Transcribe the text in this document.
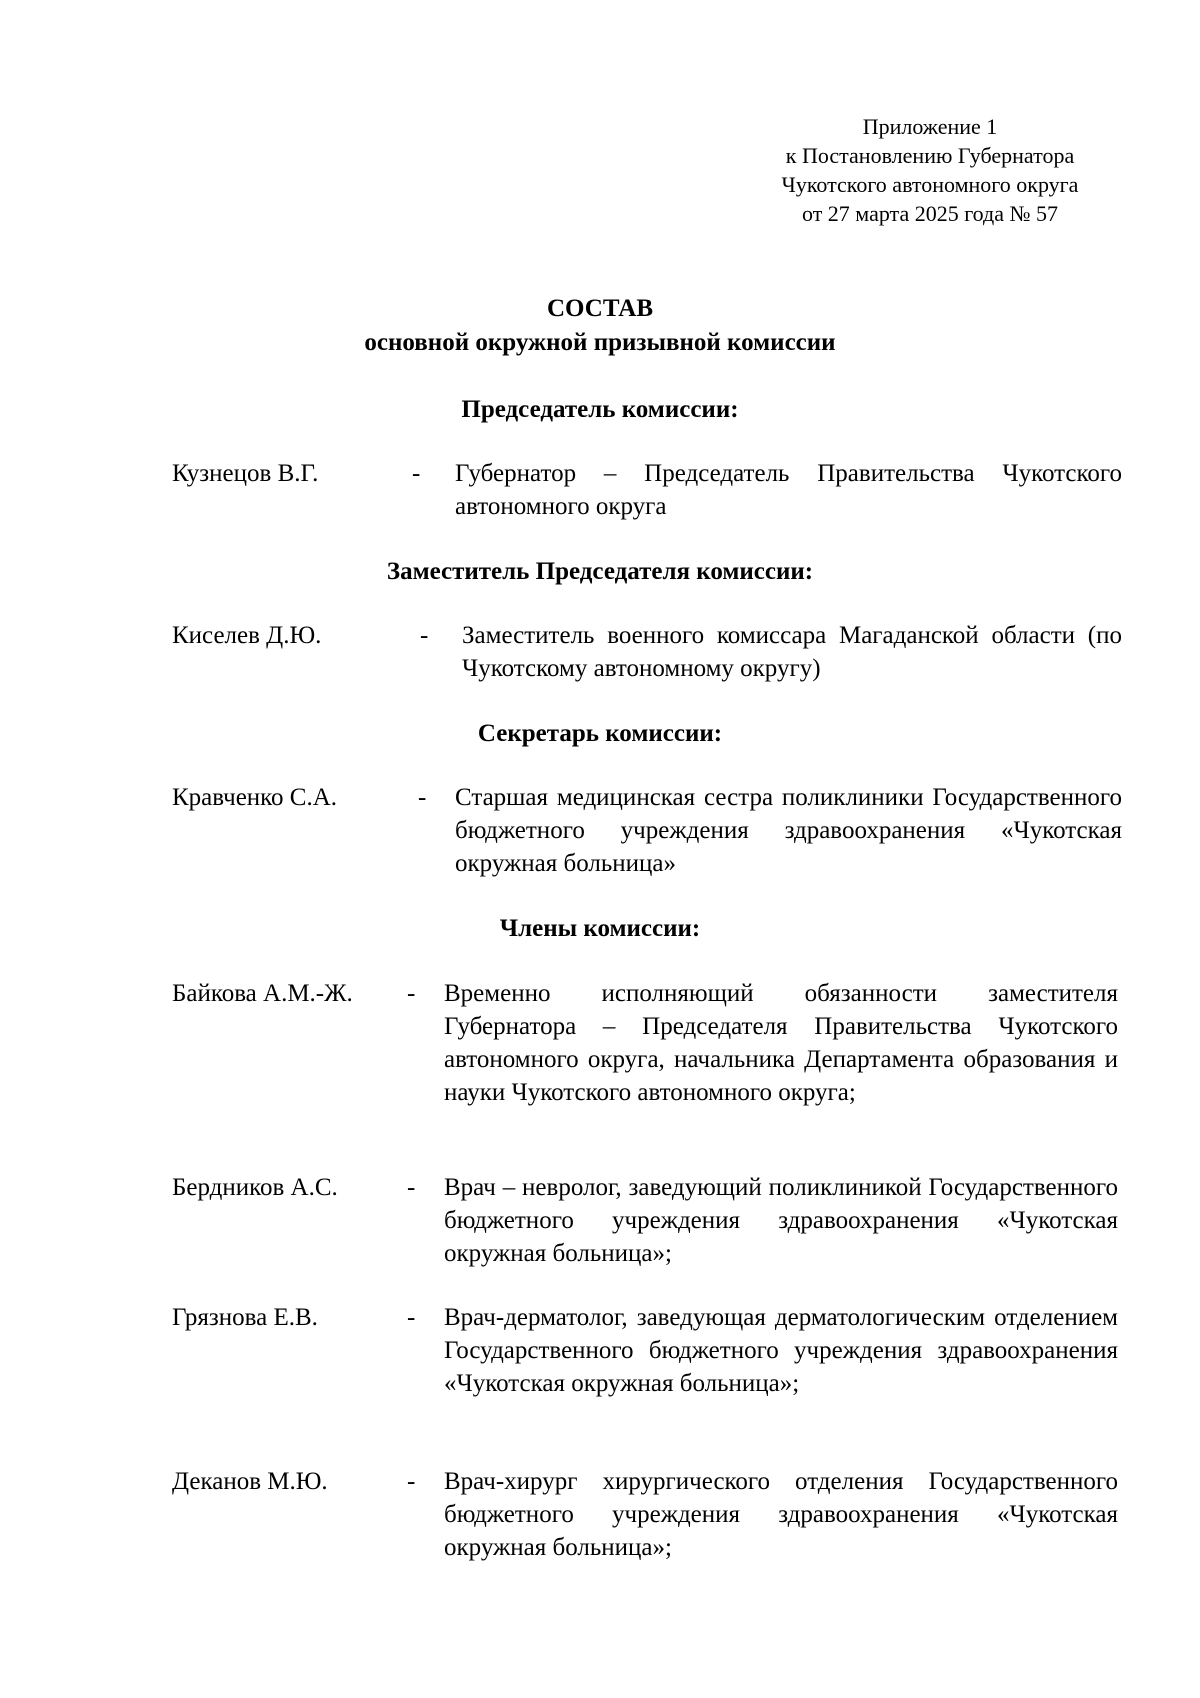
Приложение 1
к Постановлению Губернатора
Чукотского автономного округа
от 27 марта 2025 года № 57
СОСТАВ
основной окружной призывной комиссии
Председатель комиссии:
Кузнецов В.Г.	- Губернатор – Председатель Правительства Чукотского автономного округа
Заместитель Председателя комиссии:
Киселев Д.Ю.	- Заместитель военного комиссара Магаданской области (по Чукотскому автономному округу)
Секретарь комиссии:
Кравченко С.А.	- Старшая медицинская сестра поликлиники Государственного бюджетного учреждения здравоохранения «Чукотская окружная больница»
Члены комиссии:
Байкова А.М.-Ж. - Временно исполняющий обязанности заместителя Губернатора – Председателя Правительства Чукотского автономного округа, начальника Департамента образования и науки Чукотского автономного округа;
Бердников А.С.	- Врач – невролог, заведующий поликлиникой Государственного бюджетного учреждения здравоохранения «Чукотская окружная больница»;
Грязнова Е.В.	- Врач-дерматолог, заведующая дерматологическим отделением Государственного бюджетного учреждения здравоохранения «Чукотская окружная больница»;
Деканов М.Ю.	- Врач-хирург хирургического отделения Государственного бюджетного учреждения здравоохранения «Чукотская окружная больница»;
